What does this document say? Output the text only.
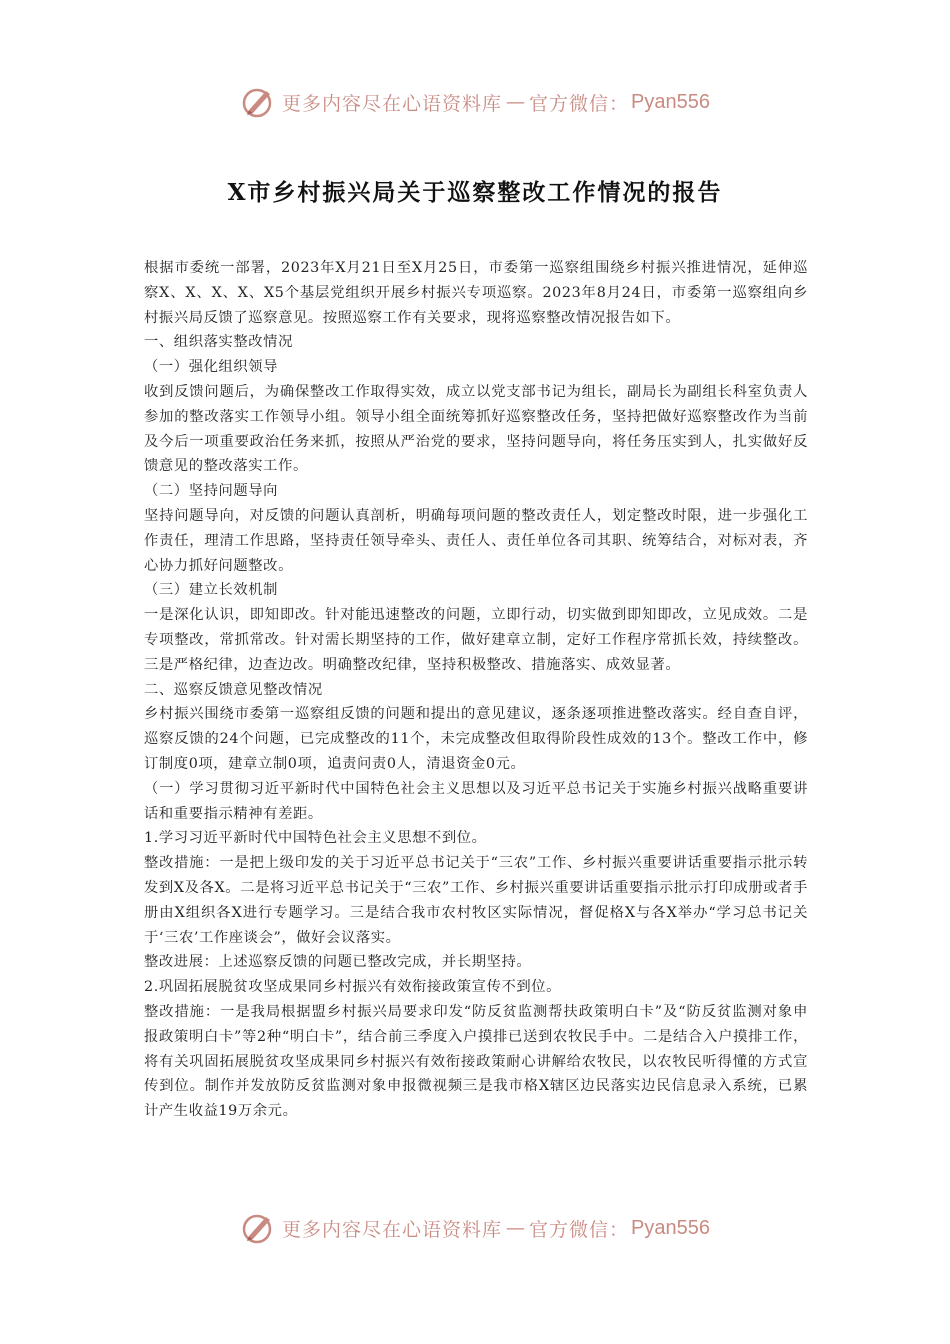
更多内容尽在心语资料库 — 官方微信： Pyan556
X市乡村振兴局关于巡察整改工作情况的报告

根据市委统一部署，2023年X月21日至X月25日，市委第一巡察组围绕乡村振兴推进情况，延伸巡察X、X、X、X、X5个基层党组织开展乡村振兴专项巡察。2023年8月24日，市委第一巡察组向乡村振兴局反馈了巡察意见。按照巡察工作有关要求，现将巡察整改情况报告如下。

一、组织落实整改情况

（一）强化组织领导

收到反馈问题后，为确保整改工作取得实效，成立以党支部书记为组长，副局长为副组长科室负责人参加的整改落实工作领导小组。领导小组全面统筹抓好巡察整改任务，坚持把做好巡察整改作为当前及今后一项重要政治任务来抓，按照从严治党的要求，坚持问题导向，将任务压实到人，扎实做好反馈意见的整改落实工作。

（二）坚持问题导向

坚持问题导向，对反馈的问题认真剖析，明确每项问题的整改责任人，划定整改时限，进一步强化工作责任，理清工作思路，坚持责任领导牵头、责任人、责任单位各司其职、统筹结合，对标对表，齐心协力抓好问题整改。

（三）建立长效机制

一是深化认识，即知即改。针对能迅速整改的问题，立即行动，切实做到即知即改，立见成效。二是专项整改，常抓常改。针对需长期坚持的工作，做好建章立制，定好工作程序常抓长效，持续整改。三是严格纪律，边查边改。明确整改纪律，坚持积极整改、措施落实、成效显著。

二、巡察反馈意见整改情况

乡村振兴围绕市委第一巡察组反馈的问题和提出的意见建议，逐条逐项推进整改落实。经自查自评，巡察反馈的24个问题，已完成整改的11个，未完成整改但取得阶段性成效的13个。整改工作中，修订制度0项，建章立制0项，追责问责0人，清退资金0元。

（一）学习贯彻习近平新时代中国特色社会主义思想以及习近平总书记关于实施乡村振兴战略重要讲话和重要指示精神有差距。

1.学习习近平新时代中国特色社会主义思想不到位。

整改措施：一是把上级印发的关于习近平总书记关于“三农”工作、乡村振兴重要讲话重要指示批示转发到X及各X。二是将习近平总书记关于“三农”工作、乡村振兴重要讲话重要指示批示打印成册或者手册由X组织各X进行专题学习。三是结合我市农村牧区实际情况，督促格X与各X举办“学习总书记关于‘三农’工作座谈会”，做好会议落实。

整改进展：上述巡察反馈的问题已整改完成，并长期坚持。

2.巩固拓展脱贫攻坚成果同乡村振兴有效衔接政策宣传不到位。

整改措施：一是我局根据盟乡村振兴局要求印发“防反贫监测帮扶政策明白卡”及“防反贫监测对象申报政策明白卡”等2种“明白卡”，结合前三季度入户摸排已送到农牧民手中。二是结合入户摸排工作，将有关巩固拓展脱贫攻坚成果同乡村振兴有效衔接政策耐心讲解给农牧民，以农牧民听得懂的方式宣传到位。制作并发放防反贫监测对象申报微视频三是我市格X辖区边民落实边民信息录入系统，已累计产生收益19万余元。

更多内容尽在心语资料库 — 官方微信： Pyan556
